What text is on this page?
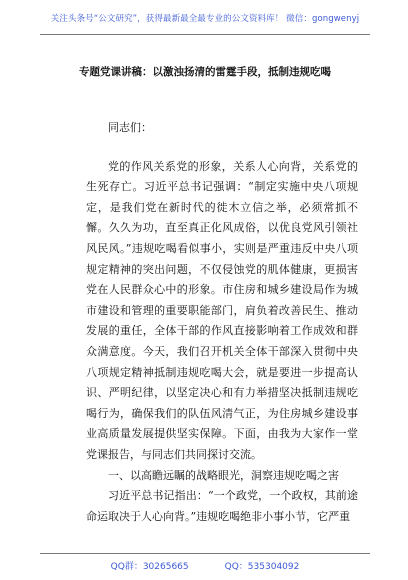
关注头条号“公文研究”，获得最新最全最专业的公文资料库！ 微信：gongwenyj
专题党课讲稿：以激浊扬清的雷霆手段，抵制违规吃喝

同志们：

党的作风关系党的形象，关系人心向背，关系党的生死存亡。习近平总书记强调：“制定实施中央八项规定，是我们党在新时代的徙木立信之举，必须常抓不懈。久久为功，直至真正化风成俗，以优良党风引领社风民风。”违规吃喝看似事小，实则是严重违反中央八项规定精神的突出问题，不仅侵蚀党的肌体健康，更损害党在人民群众心中的形象。市住房和城乡建设局作为城市建设和管理的重要职能部门，肩负着改善民生、推动发展的重任，全体干部的作风直接影响着工作成效和群众满意度。今天，我们召开机关全体干部深入贯彻中央八项规定精神抵制违规吃喝大会，就是要进一步提高认识、严明纪律，以坚定决心和有力举措坚决抵制违规吃喝行为，确保我们的队伍风清气正，为住房城乡建设事业高质量发展提供坚实保障。下面，由我为大家作一堂党课报告，与同志们共同探讨交流。

一、以高瞻远瞩的战略眼光，洞察违规吃喝之害

习近平总书记指出：“一个政党，一个政权，其前途命运取决于人心向背。”违规吃喝绝非小事小节，它严重

QQ群：30265665	QQ：535304092
